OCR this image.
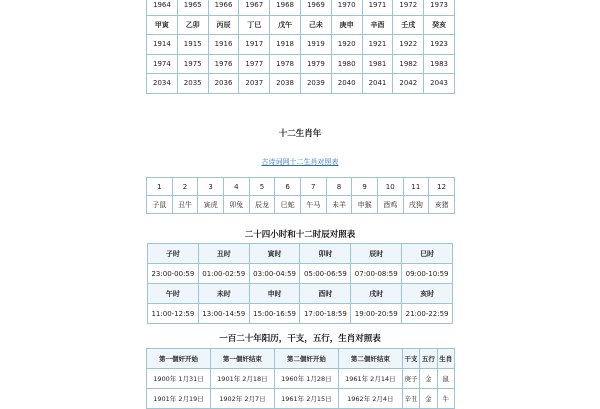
1964	1965	1966	1967	1968	1969	1970	1971	1972	1973
甲寅	乙卯	丙辰	丁巳	戊午	己未	庚申	辛酉	壬戌	癸亥
1914	1915	1916	1917	1918	1919	1920	1921	1922	1923
1974	1975	1976	1977	1978	1979	1980	1981	1982	1983
2034	2035	2036	2037	2038	2039	2040	2041	2042	2043
十二生肖年
古诗词网十二生肖对照表
1	2	3	4	5	6	7	8	9	10	11	12
子鼠	丑牛	寅虎	卯兔	辰龙	巳蛇	午马	未羊	申猴	酉鸡	戌狗	亥猪
二十四小时和十二时辰对照表
子时	丑时	寅时	卯时	辰时	巳时
23:00-00:59	01:00-02:59	03:00-04:59	05:00-06:59	07:00-08:59	09:00-10:59
午时	未时	申时	酉时	戌时	亥时
11:00-12:59	13:00-14:59	15:00-16:59	17:00-18:59	19:00-20:59	21:00-22:59
一百二十年阳历，干支，五行，生肖对照表
第一個奸开始	第一個奸结束	第二個奸开始	第二個奸结束	干支	五行	生肖
1900年 1月31日	1901年 2月18日	1960年 1月28日	1961年 2月14日	庚子	金	鼠
1901年 2月19日	1902年 2月7日	1961年 2月15日	1962年 2月4日	辛丑	金	牛
